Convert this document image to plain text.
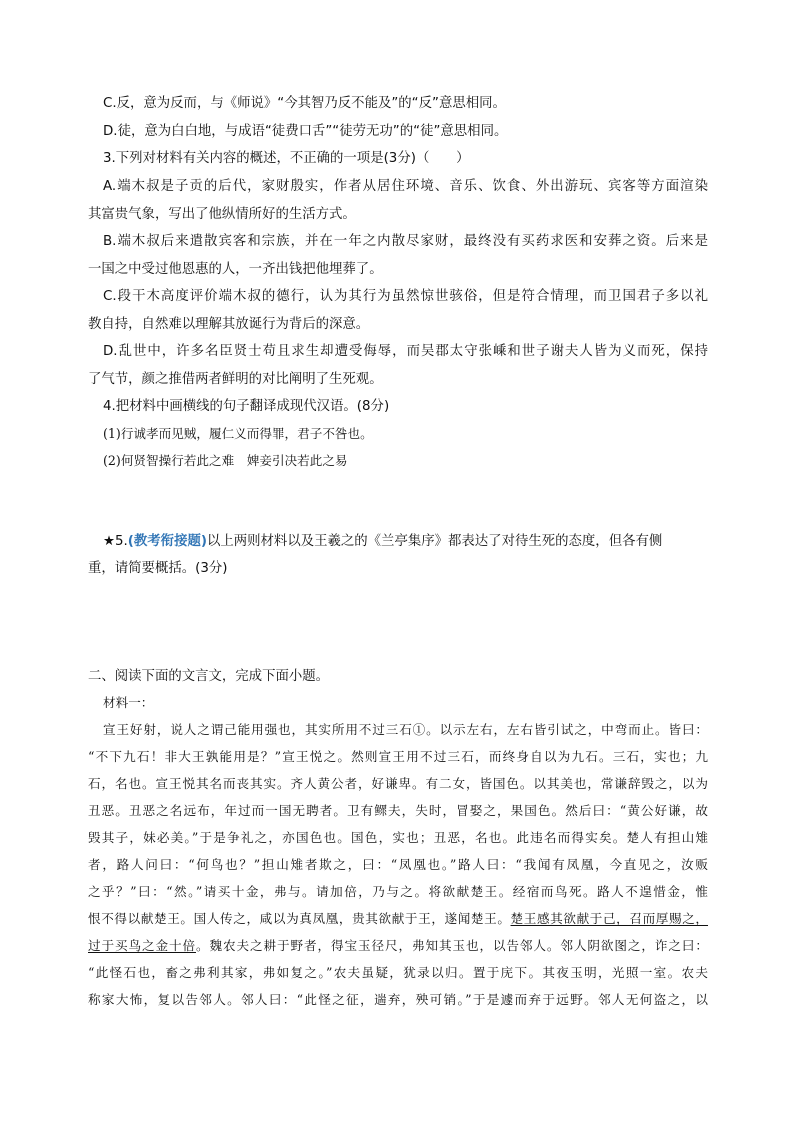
C.反，意为反而，与《师说》“今其智乃反不能及”的“反”意思相同。
D.徒，意为白白地，与成语“徒费口舌”“徒劳无功”的“徒”意思相同。
3.下列对材料有关内容的概述，不正确的一项是(3分)（　　）
A.端木叔是子贡的后代，家财殷实，作者从居住环境、音乐、饮食、外出游玩、宾客等方面渲染
其富贵气象，写出了他纵情所好的生活方式。
B.端木叔后来遣散宾客和宗族，并在一年之内散尽家财，最终没有买药求医和安葬之资。后来是
一国之中受过他恩惠的人，一齐出钱把他埋葬了。
C.段干木高度评价端木叔的德行，认为其行为虽然惊世骇俗，但是符合情理，而卫国君子多以礼
教自持，自然难以理解其放诞行为背后的深意。
D.乱世中，许多名臣贤士苟且求生却遭受侮辱，而吴郡太守张嵊和世子谢夫人皆为义而死，保持
了气节，颜之推借两者鲜明的对比阐明了生死观。
4.把材料中画横线的句子翻译成现代汉语。(8分)
(1)行诚孝而见贼，履仁义而得罪，君子不咎也。
(2)何贤智操行若此之难　婢妾引决若此之易
★5.(教考衔接题)以上两则材料以及王羲之的《兰亭集序》都表达了对待生死的态度，但各有侧
重，请简要概括。(3分)
二、阅读下面的文言文，完成下面小题。
材料一：
宣王好射，说人之谓己能用强也，其实所用不过三石①。以示左右，左右皆引试之，中弯而止。皆曰：
“不下九石！非大王孰能用是？”宣王悦之。然则宣王用不过三石，而终身自以为九石。三石，实也；九
石，名也。宣王悦其名而丧其实。齐人黄公者，好谦卑。有二女，皆国色。以其美也，常谦辞毁之，以为
丑恶。丑恶之名远布，年过而一国无聘者。卫有鳏夫，失时，冒娶之，果国色。然后曰：“黄公好谦，故
毁其子，妹必美。”于是争礼之，亦国色也。国色，实也；丑恶，名也。此违名而得实矣。楚人有担山雉
者，路人问曰：“何鸟也？”担山雉者欺之，曰：“凤凰也。”路人曰：“我闻有凤凰，今直见之，汝贩
之乎？”曰：“然。”请买十金，弗与。请加倍，乃与之。将欲献楚王。经宿而鸟死。路人不遑惜金，惟
恨不得以献楚王。国人传之，咸以为真凤凰，贵其欲献于王，遂闻楚王。楚王感其欲献于己，召而厚赐之，
过于买鸟之金十倍。魏农夫之耕于野者，得宝玉径尺，弗知其玉也，以告邻人。邻人阴欲图之，诈之曰：
“此怪石也，畜之弗利其家，弗如复之。”农夫虽疑，犹录以归。置于庑下。其夜玉明，光照一室。农夫
称家大怖，复以告邻人。邻人曰：“此怪之征，遄弃，殃可销。”于是遽而弃于远野。邻人无何盗之，以
